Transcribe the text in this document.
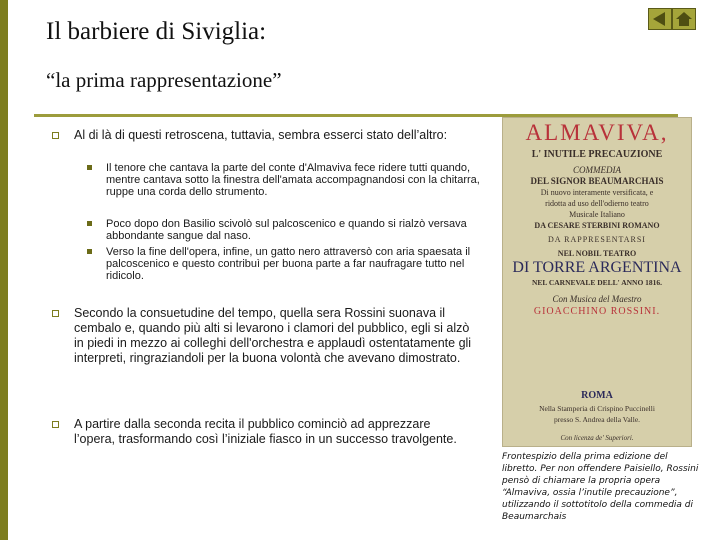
Il barbiere di Siviglia:
“la prima rappresentazione”
Al di là di questi retroscena, tuttavia, sembra esserci stato dell’altro:
Il tenore che cantava la parte del conte d'Almaviva fece ridere tutti quando, mentre cantava sotto la finestra dell'amata accompagnandosi con la chitarra, ruppe una corda dello strumento.
Poco dopo don Basilio scivolò sul palcoscenico e quando si rialzò versava abbondante sangue dal naso.
Verso la fine dell'opera, infine, un gatto nero attraversò con aria spaesata il palcoscenico e questo contribuì per buona parte a far naufragare tutto nel ridicolo.
Secondo la consuetudine del tempo, quella sera Rossini suonava il cembalo e, quando più alti si levarono i clamori del pubblico, egli si alzò in piedi in mezzo ai colleghi dell'orchestra e applaudì ostentatamente gli interpreti, ringraziandoli per la buona volontà che avevano dimostrato.
A partire dalla seconda recita il pubblico cominciò ad apprezzare l’opera, trasformando così l’iniziale fiasco in un successo travolgente.
ALMAVIVA,
L' INUTILE PRECAUZIONE
COMMEDIA
DEL SIGNOR BEAUMARCHAIS
Di nuovo interamente versificata, e
ridotta ad uso dell'odierno teatro
Musicale Italiano
DA CESARE STERBINI ROMANO
DA RAPPRESENTARSI
NEL NOBIL TEATRO
DI TORRE ARGENTINA
NEL CARNEVALE DELL' ANNO 1816.
Con Musica del Maestro
GIOACCHINO ROSSINI.
ROMA
Nella Stamperia di Crispino Puccinelli
presso S. Andrea della Valle.
Con licenza de' Superiori.
Frontespizio della prima edizione del libretto. Per non offendere Paisiello, Rossini pensò di chiamare la propria opera “Almaviva, ossia l’inutile precauzione”, utilizzando il sottotitolo della commedia di Beaumarchais
